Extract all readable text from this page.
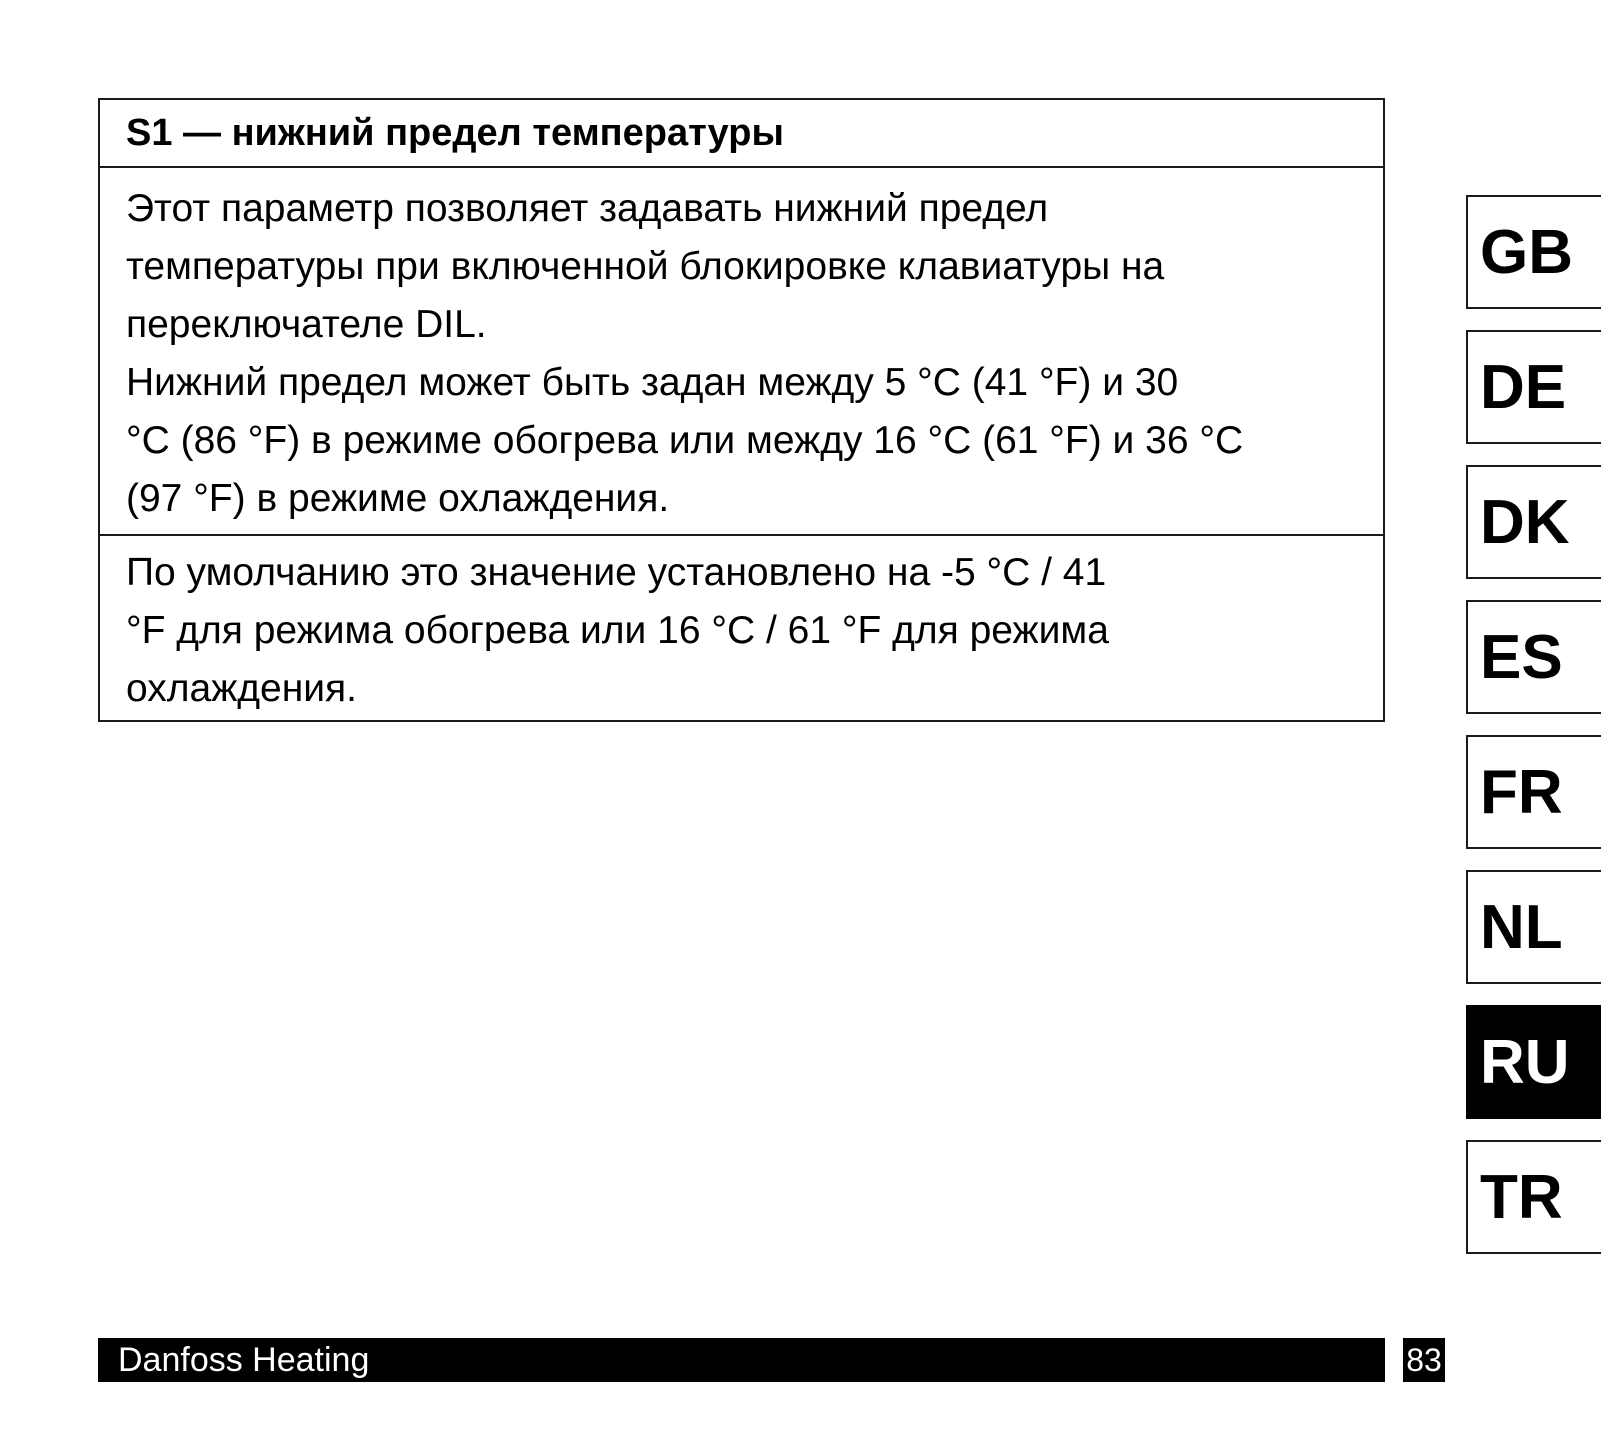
S1 — нижний предел температуры

Этот параметр позволяет задавать нижний предел

температуры при включенной блокировке клавиатуры на

переключателе DIL.

Нижний предел может быть задан между 5 °C (41 °F) и 30

°C (86 °F) в режиме обогрева или между 16 °C (61 °F) и 36 °C

(97 °F) в режиме охлаждения.

По умолчанию это значение установлено на -5 °C / 41

°F для режима обогрева или 16 °C / 61 °F для режима

охлаждения.

GB
DE
DK
ES
FR
NL
RU
TR
Danfoss Heating	83
